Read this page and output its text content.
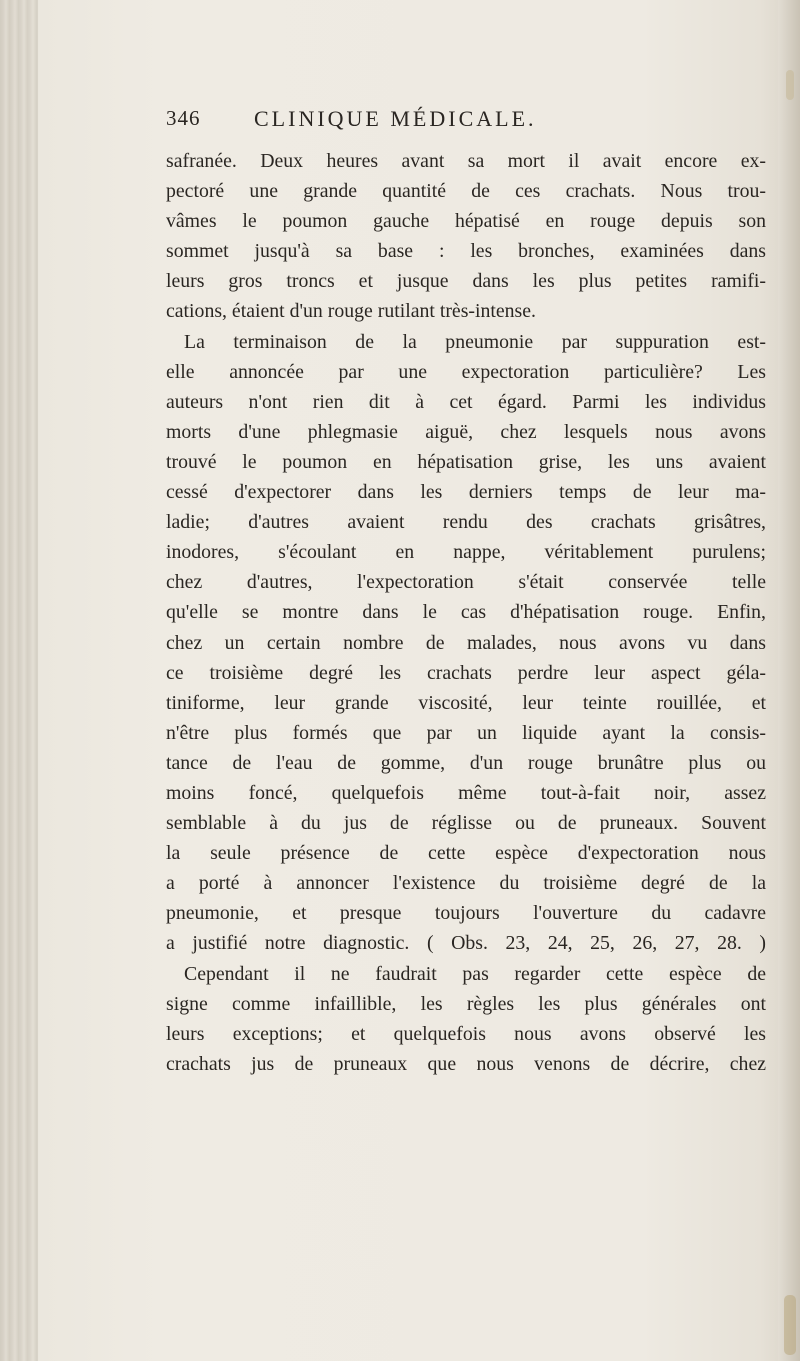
346 CLINIQUE MÉDICALE.
safranée. Deux heures avant sa mort il avait encore ex-
pectoré une grande quantité de ces crachats. Nous trou-
vâmes le poumon gauche hépatisé en rouge depuis son
sommet jusqu'à sa base : les bronches, examinées dans
leurs gros troncs et jusque dans les plus petites ramifi-
cations, étaient d'un rouge rutilant très-intense.
La terminaison de la pneumonie par suppuration est-
elle annoncée par une expectoration particulière? Les
auteurs n'ont rien dit à cet égard. Parmi les individus
morts d'une phlegmasie aiguë, chez lesquels nous avons
trouvé le poumon en hépatisation grise, les uns avaient
cessé d'expectorer dans les derniers temps de leur ma-
ladie; d'autres avaient rendu des crachats grisâtres,
inodores, s'écoulant en nappe, véritablement purulens;
chez d'autres, l'expectoration s'était conservée telle
qu'elle se montre dans le cas d'hépatisation rouge. Enfin,
chez un certain nombre de malades, nous avons vu dans
ce troisième degré les crachats perdre leur aspect géla-
tiniforme, leur grande viscosité, leur teinte rouillée, et
n'être plus formés que par un liquide ayant la consis-
tance de l'eau de gomme, d'un rouge brunâtre plus ou
moins foncé, quelquefois même tout-à-fait noir, assez
semblable à du jus de réglisse ou de pruneaux. Souvent
la seule présence de cette espèce d'expectoration nous
a porté à annoncer l'existence du troisième degré de la
pneumonie, et presque toujours l'ouverture du cadavre
a justifié notre diagnostic. ( Obs. 23, 24, 25, 26, 27, 28. )
Cependant il ne faudrait pas regarder cette espèce de
signe comme infaillible, les règles les plus générales ont
leurs exceptions; et quelquefois nous avons observé les
crachats jus de pruneaux que nous venons de décrire, chez
